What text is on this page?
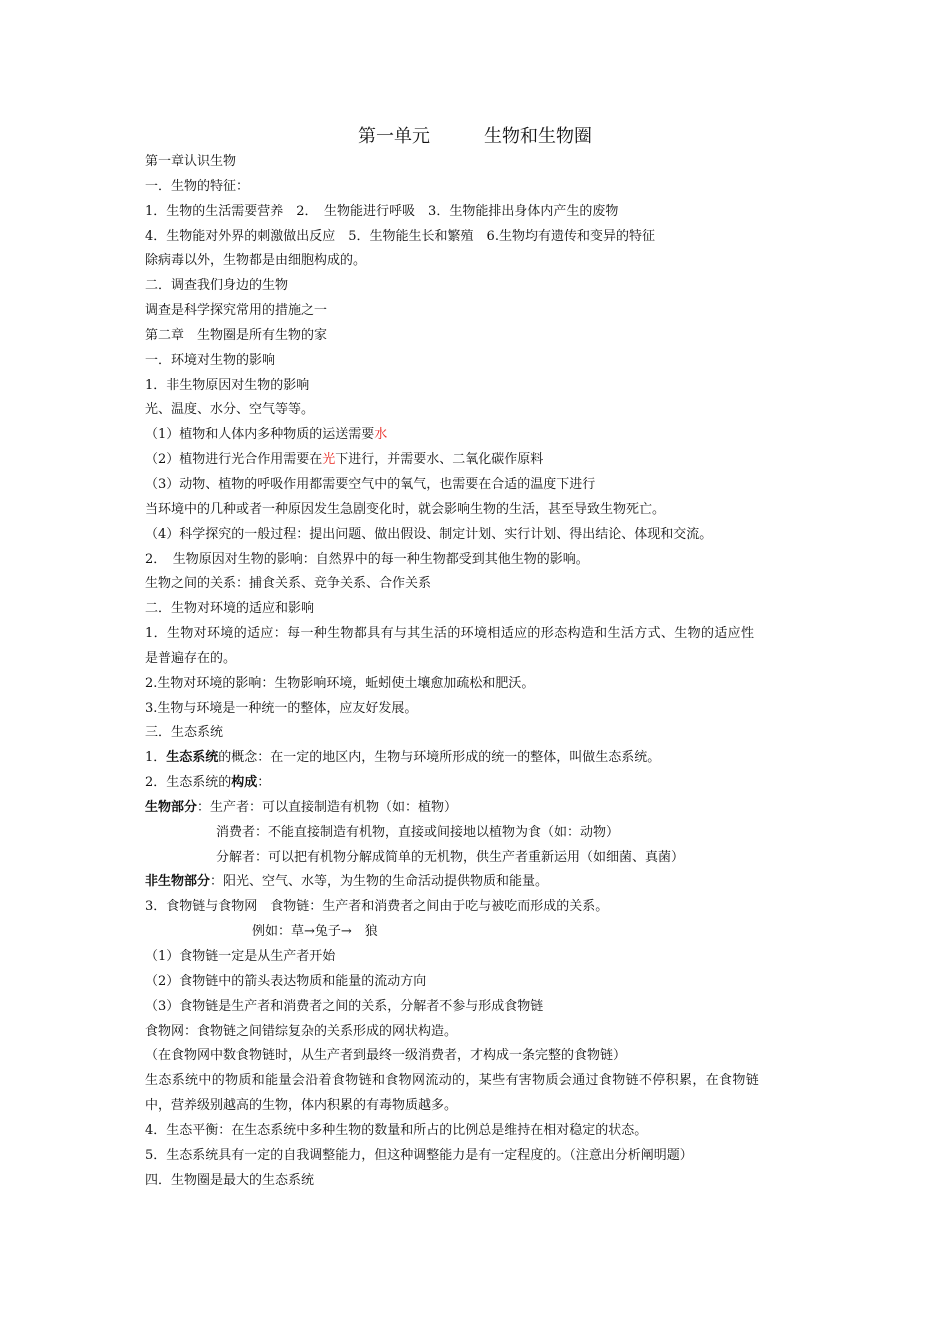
第一单元　　　生物和生物圈
第一章认识生物
一．生物的特征：
1．生物的生活需要营养　2．　生物能进行呼吸　3．生物能排出身体内产生的废物
4．生物能对外界的刺激做出反应　5．生物能生长和繁殖　6.生物均有遗传和变异的特征
除病毒以外，生物都是由细胞构成的。
二．调查我们身边的生物
调查是科学探究常用的措施之一
第二章　生物圈是所有生物的家
一．环境对生物的影响
1．非生物原因对生物的影响
光、温度、水分、空气等等。
（1）植物和人体内多种物质的运送需要水
（2）植物进行光合作用需要在光下进行，并需要水、二氧化碳作原料
（3）动物、植物的呼吸作用都需要空气中的氧气，也需要在合适的温度下进行
当环境中的几种或者一种原因发生急剧变化时，就会影响生物的生活，甚至导致生物死亡。
（4）科学探究的一般过程：提出问题、做出假设、制定计划、实行计划、得出结论、体现和交流。
2．　生物原因对生物的影响：自然界中的每一种生物都受到其他生物的影响。
生物之间的关系：捕食关系、竞争关系、合作关系
二．生物对环境的适应和影响
1．生物对环境的适应：每一种生物都具有与其生活的环境相适应的形态构造和生活方式、生物的适应性
是普遍存在的。
2.生物对环境的影响：生物影响环境，蚯蚓使土壤愈加疏松和肥沃。
3.生物与环境是一种统一的整体，应友好发展。
三．生态系统
1．生态系统的概念：在一定的地区内，生物与环境所形成的统一的整体，叫做生态系统。
2．生态系统的构成：
生物部分：生产者：可以直接制造有机物（如：植物）
消费者：不能直接制造有机物，直接或间接地以植物为食（如：动物）
分解者：可以把有机物分解成简单的无机物，供生产者重新运用（如细菌、真菌）
非生物部分：阳光、空气、水等，为生物的生命活动提供物质和能量。
3．食物链与食物网　食物链：生产者和消费者之间由于吃与被吃而形成的关系。
例如：草→兔子→　狼
（1）食物链一定是从生产者开始
（2）食物链中的箭头表达物质和能量的流动方向
（3）食物链是生产者和消费者之间的关系，分解者不参与形成食物链
食物网：食物链之间错综复杂的关系形成的网状构造。
（在食物网中数食物链时，从生产者到最终一级消费者，才构成一条完整的食物链）
生态系统中的物质和能量会沿着食物链和食物网流动的，某些有害物质会通过食物链不停积累，在食物链
中，营养级别越高的生物，体内积累的有毒物质越多。
4．生态平衡：在生态系统中多种生物的数量和所占的比例总是维持在相对稳定的状态。
5．生态系统具有一定的自我调整能力，但这种调整能力是有一定程度的。（注意出分析阐明题）
四．生物圈是最大的生态系统
